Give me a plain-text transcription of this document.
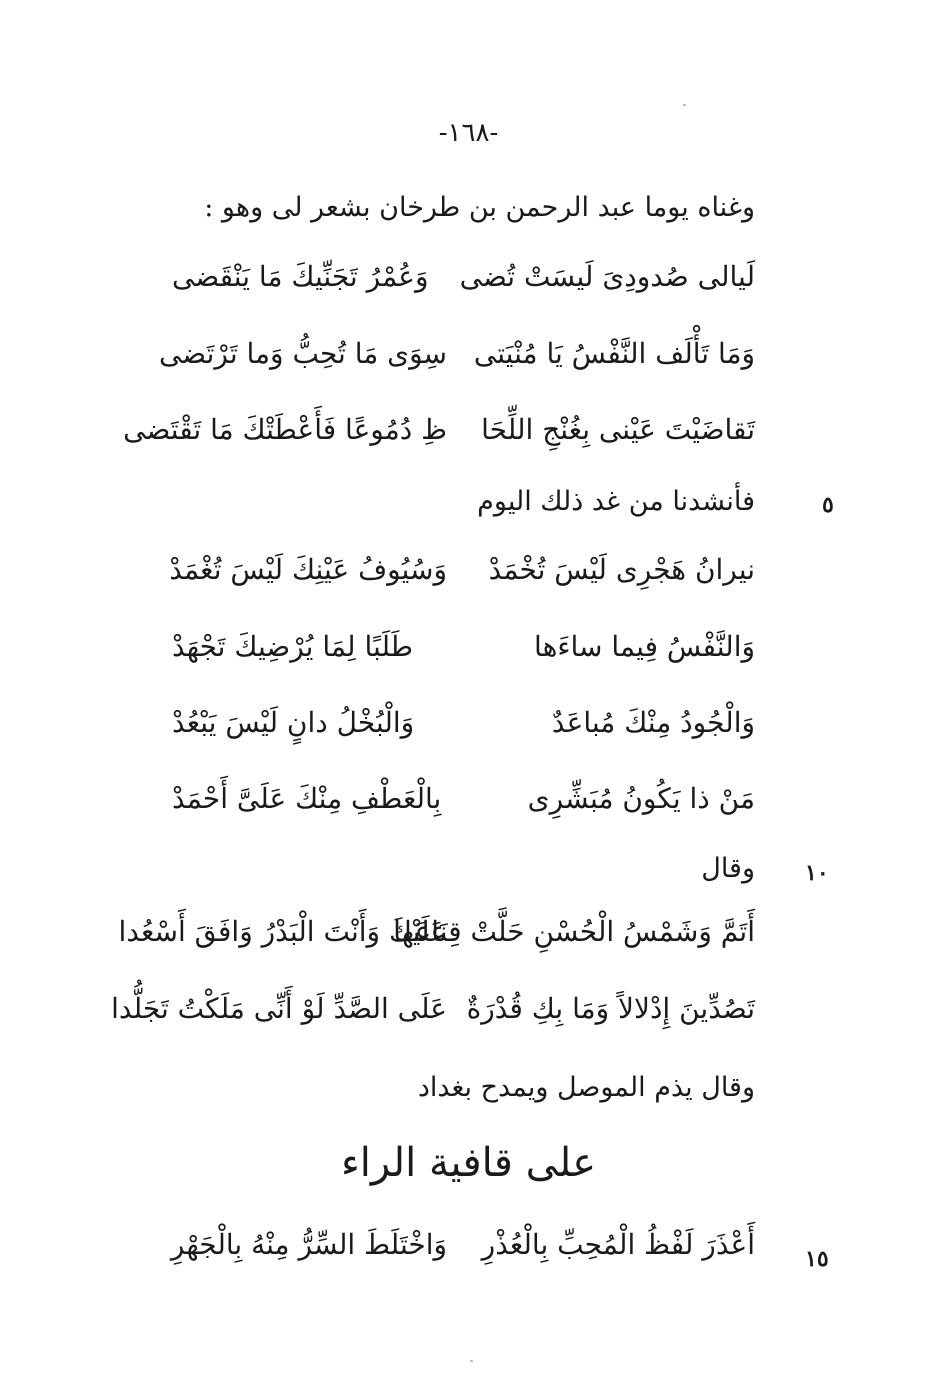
-١٦٨-
وغناه يوما عبد الرحمن بن طرخان بشعر لى وهو :
لَيالى صُدودِىَ لَيسَتْ تُضى
وَعُمْرُ تَجَنِّيكَ مَا يَنْقَضى
وَمَا تَأْلَف النَّفْسُ يَا مُنْيَتى
سِوَى مَا تُحِبُّ وَما تَرْتَضى
تَقاضَيْتَ عَيْنى بِغُنْجِ اللِّحَا
ظِ دُمُوعًا فَأَعْطَتْكَ مَا تَقْتَضى
فأنشدنا من غد ذلك اليوم	٥
نيرانُ هَجْرِى لَيْسَ تُخْمَدْ
وَسُيُوفُ عَيْنِكَ لَيْسَ تُغْمَدْ
وَالنَّفْسُ فِيما ساءَها
طَلَبًا لِمَا يُرْضِيكَ تَجْهَدْ
وَالْجُودُ مِنْكَ مُباعَدٌ
وَالْبُخْلُ دانٍ لَيْسَ يَبْعُدْ
مَنْ ذا يَكُونُ مُبَشِّرِى
بِالْعَطْفِ مِنْكَ عَلَىَّ أَحْمَدْ
وقال ١٠
أَتَمَّ وَشَمْسُ الْحُسْنِ حَلَّتْ قِنَاعَها
عَلَيْكَ وَأَنْتَ الْبَدْرُ وَافَقَ أَسْعُدا
تَصُدِّينَ إِدْلالاً وَمَا بِكِ قُدْرَةٌ
عَلَى الصَّدِّ لَوْ أَنِّى مَلَكْتُ تَجَلُّدا
وقال يذم الموصل ويمدح بغداد
على قافية الراء
أَعْذَرَ لَفْظُ الْمُحِبِّ بِالْعُذْرِ
وَاخْتَلَطَ السِّرُّ مِنْهُ بِالْجَهْرِ	١٥
